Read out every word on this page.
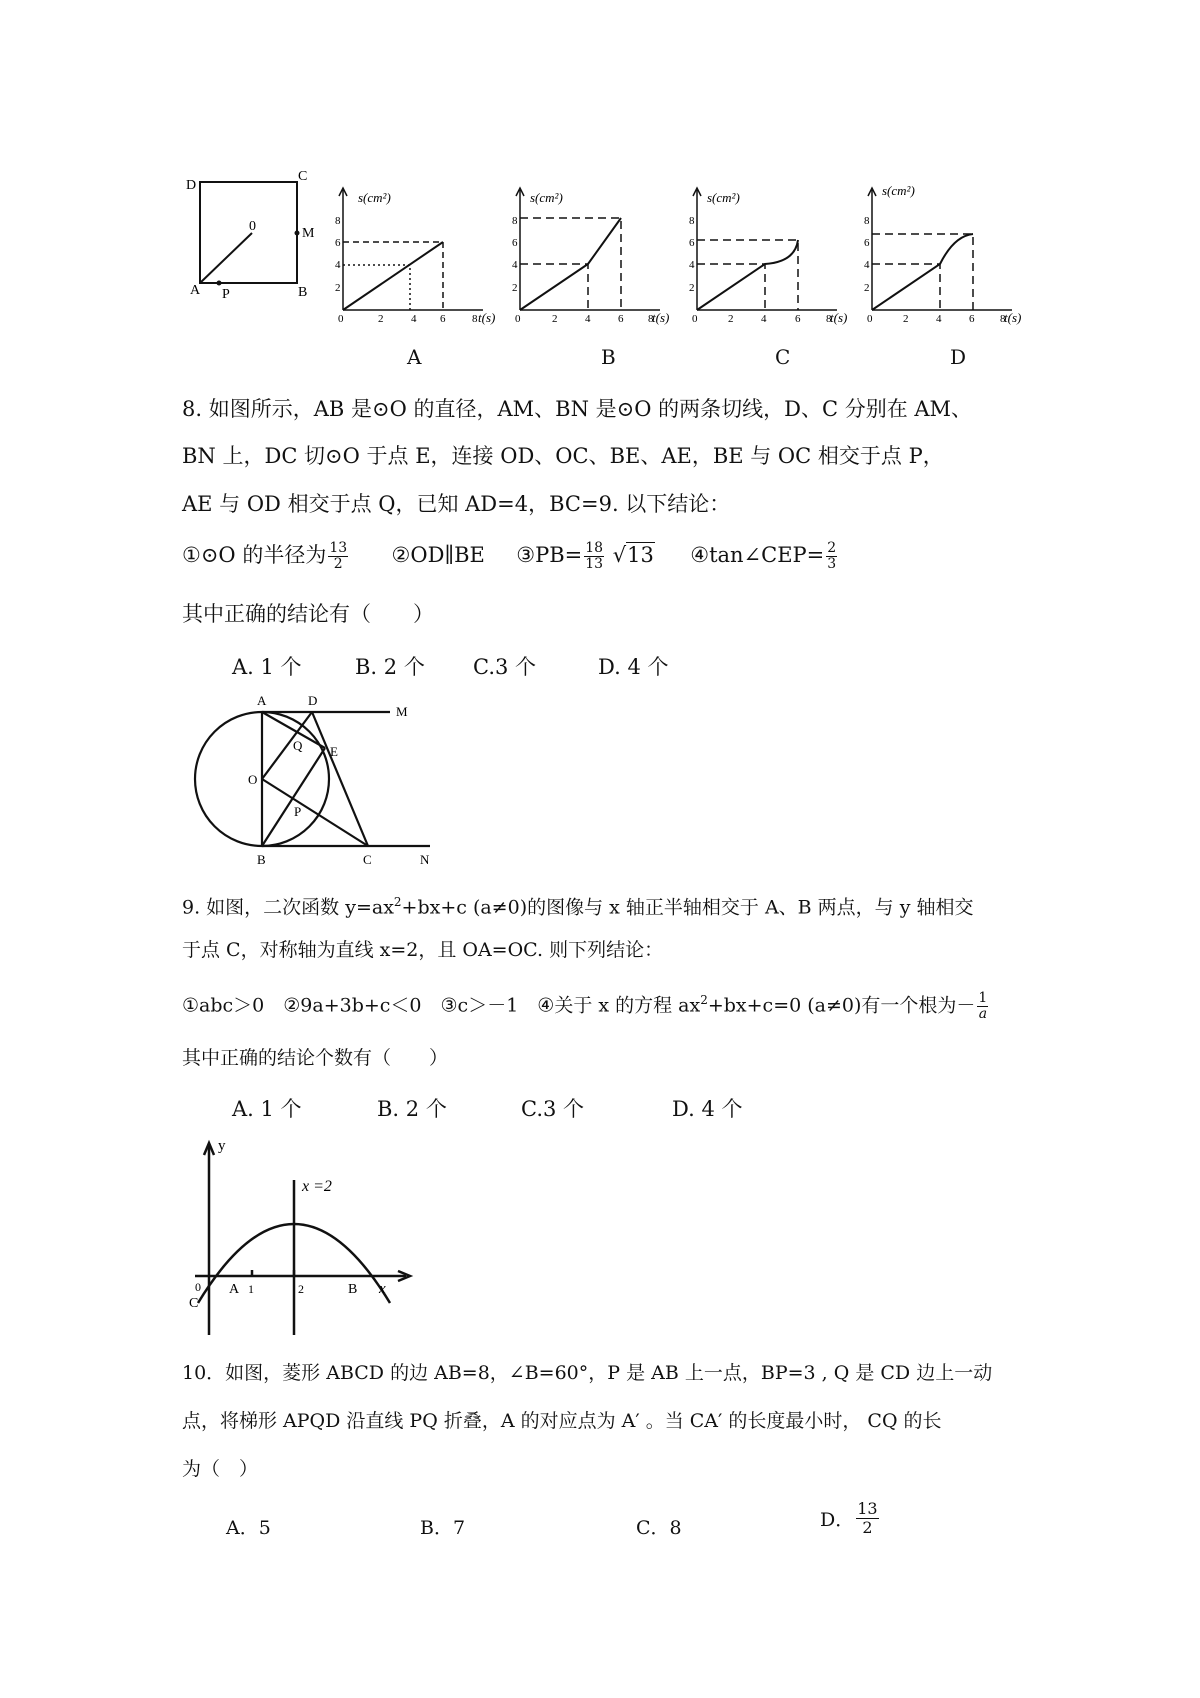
D
C
0	M
A P	B
s(cm²)
t(s)
0	2	4 6 8
2
4
6
8
s(cm²)
t(s)
0	2	4	6 8
2
4
6
8
s(cm²)
t(s)
0	2	4	6 8
2
4
6
8
s(cm²)
t(s)
0	2	4	6 8
2
4
6
8
A	B	C	D
8. 如图所示，AB 是⊙O 的直径，AM、BN 是⊙O 的两条切线，D、C 分别在 AM、
BN 上，DC 切⊙O 于点 E，连接 OD、OC、BE、AE，BE 与 OC 相交于点 P，
AE 与 OD 相交于点 Q，已知 AD=4，BC=9. 以下结论：
①⊙O 的半径为 $\frac{13}{2}$ ②OD∥BE ③PB= $\frac{18}{13} √13$ ④tan∠CEP= $\frac{2}{3}$
其中正确的结论有（　　）
A. 1 个	B. 2 个 C.3 个	D. 4 个
A	D
M
Q E
O
P
B	C	N
9. 如图，二次函数 $y=ax^2+bx+c$ (a≠0)的图像与 x 轴正半轴相交于 A、B 两点，与 y 轴相交
于点 C，对称轴为直线 x=2，且 OA=OC. 则下列结论：
①abc＞0　②9a+3b+c＜0　③c＞－1　④关于 x 的方程 $ax^2+bx+c=0$ (a≠0)有一个根为－ $\frac{1}{a}$
其中正确的结论个数有（　　）
A. 1 个	B. 2 个	C.3 个	D. 4 个
y
x =2
0 A 1	2	B x
C
10．如图，菱形 ABCD 的边 AB=8，∠B=60°，P 是 AB 上一点，BP=3 , Q 是 CD 边上一动
点，将梯形 APQD 沿直线 PQ 折叠，A 的对应点为 A′ 。当 CA′ 的长度最小时， CQ 的长
为（　）
A．5	B．7	C．8	D． $\frac{13}{2}$
